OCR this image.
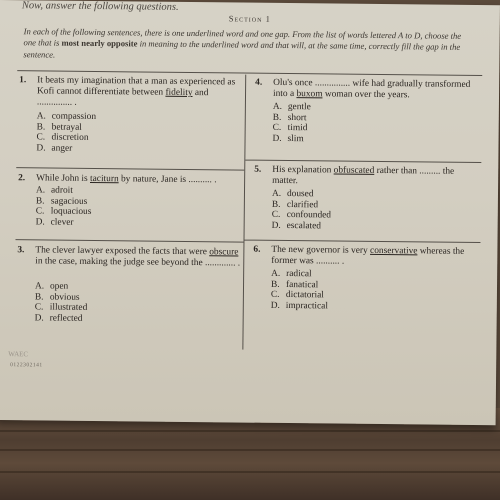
Now, answer the following questions.
Section 1
In each of the following sentences, there is one underlined word and one gap. From the list of words lettered A to D, choose the one that is most nearly opposite in meaning to the underlined word and that will, at the same time, correctly fill the gap in the sentence.
1. It beats my imagination that a man as experienced as Kofi cannot differentiate between fidelity and ............... .
A. compassion
B. betrayal
C. discretion
D. anger
2. While John is taciturn by nature, Jane is .......... .
A. adroit
B. sagacious
C. loquacious
D. clever
3. The clever lawyer exposed the facts that were obscure in the case, making the judge see beyond the ............. .
A. open
B. obvious
C. illustrated
D. reflected
4. Olu's once ............... wife had gradually transformed into a buxom woman over the years.
A. gentle
B. short
C. timid
D. slim
5. His explanation obfuscated rather than ......... the matter.
A. doused
B. clarified
C. confounded
D. escalated
6. The new governor is very conservative whereas the former was .......... .
A. radical
B. fanatical
C. dictatorial
D. impractical
WAEC
0122302141
